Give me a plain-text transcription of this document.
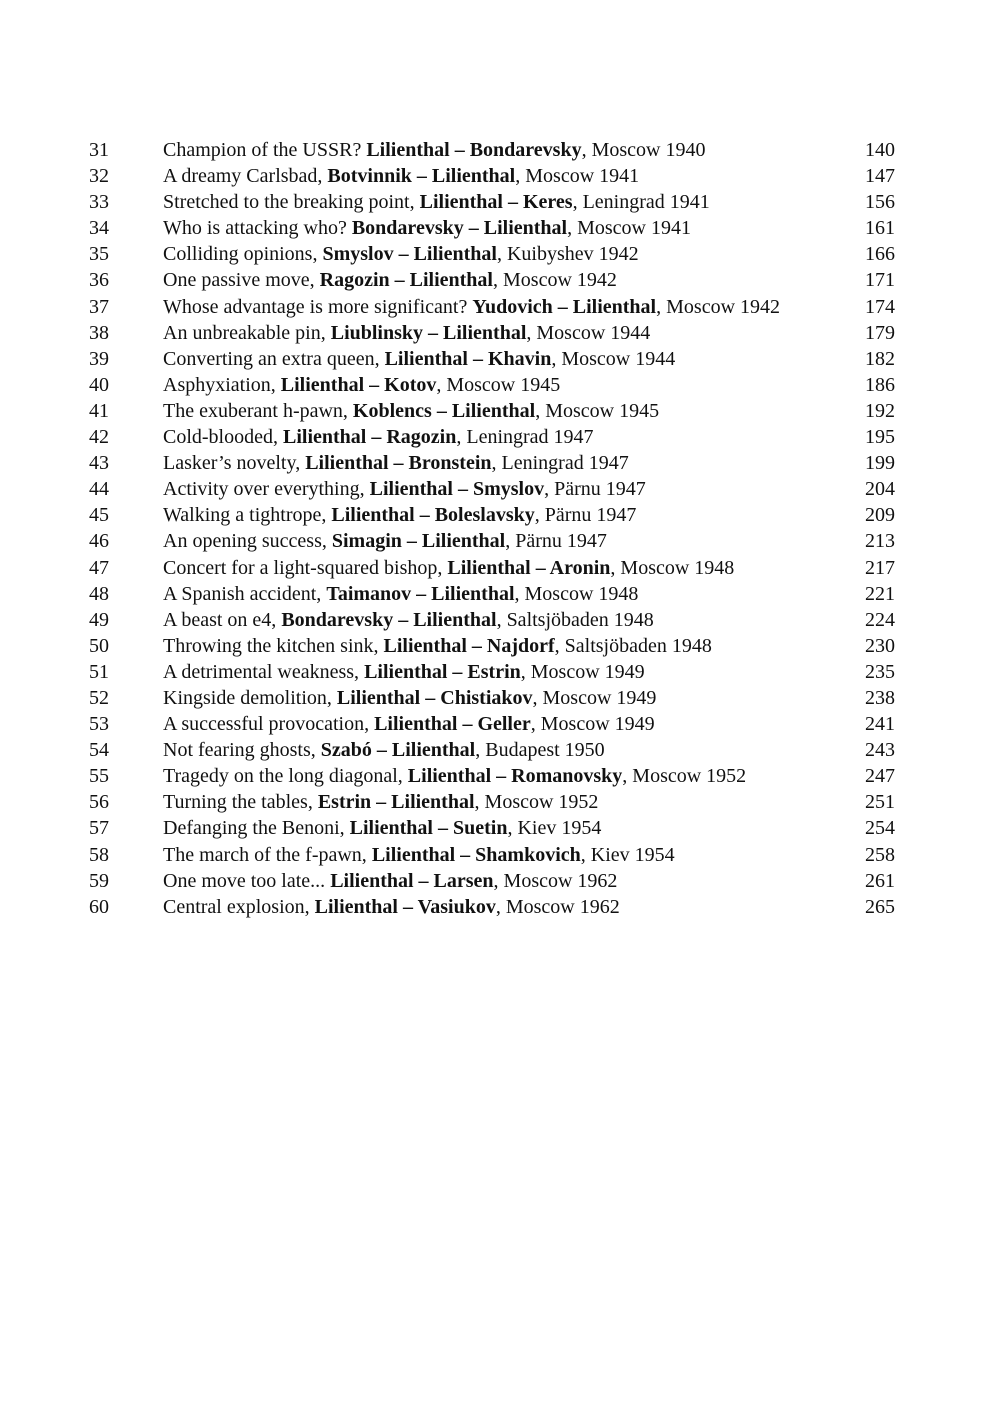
31	Champion of the USSR? Lilienthal – Bondarevsky, Moscow 1940	140
32	A dreamy Carlsbad, Botvinnik – Lilienthal, Moscow 1941	147
33	Stretched to the breaking point, Lilienthal – Keres, Leningrad 1941	156
34	Who is attacking who? Bondarevsky – Lilienthal, Moscow 1941	161
35	Colliding opinions, Smyslov – Lilienthal, Kuibyshev 1942	166
36	One passive move, Ragozin – Lilienthal, Moscow 1942	171
37	Whose advantage is more significant? Yudovich – Lilienthal, Moscow 1942	174
38	An unbreakable pin, Liublinsky – Lilienthal, Moscow 1944	179
39	Converting an extra queen, Lilienthal – Khavin, Moscow 1944	182
40	Asphyxiation, Lilienthal – Kotov, Moscow 1945	186
41	The exuberant h-pawn, Koblencs – Lilienthal, Moscow 1945	192
42	Cold-blooded, Lilienthal – Ragozin, Leningrad 1947	195
43	Lasker’s novelty, Lilienthal – Bronstein, Leningrad 1947	199
44	Activity over everything, Lilienthal – Smyslov, Pärnu 1947	204
45	Walking a tightrope, Lilienthal – Boleslavsky, Pärnu 1947	209
46	An opening success, Simagin – Lilienthal, Pärnu 1947	213
47	Concert for a light-squared bishop, Lilienthal – Aronin, Moscow 1948	217
48	A Spanish accident, Taimanov – Lilienthal, Moscow 1948	221
49	A beast on e4, Bondarevsky – Lilienthal, Saltsjöbaden 1948	224
50	Throwing the kitchen sink, Lilienthal – Najdorf, Saltsjöbaden 1948	230
51	A detrimental weakness, Lilienthal – Estrin, Moscow 1949	235
52	Kingside demolition, Lilienthal – Chistiakov, Moscow 1949	238
53	A successful provocation, Lilienthal – Geller, Moscow 1949	241
54	Not fearing ghosts, Szabó – Lilienthal, Budapest 1950	243
55	Tragedy on the long diagonal, Lilienthal – Romanovsky, Moscow 1952	247
56	Turning the tables, Estrin – Lilienthal, Moscow 1952	251
57	Defanging the Benoni, Lilienthal – Suetin, Kiev 1954	254
58	The march of the f-pawn, Lilienthal – Shamkovich, Kiev 1954	258
59	One move too late... Lilienthal – Larsen, Moscow 1962	261
60	Central explosion, Lilienthal – Vasiukov, Moscow 1962	265
